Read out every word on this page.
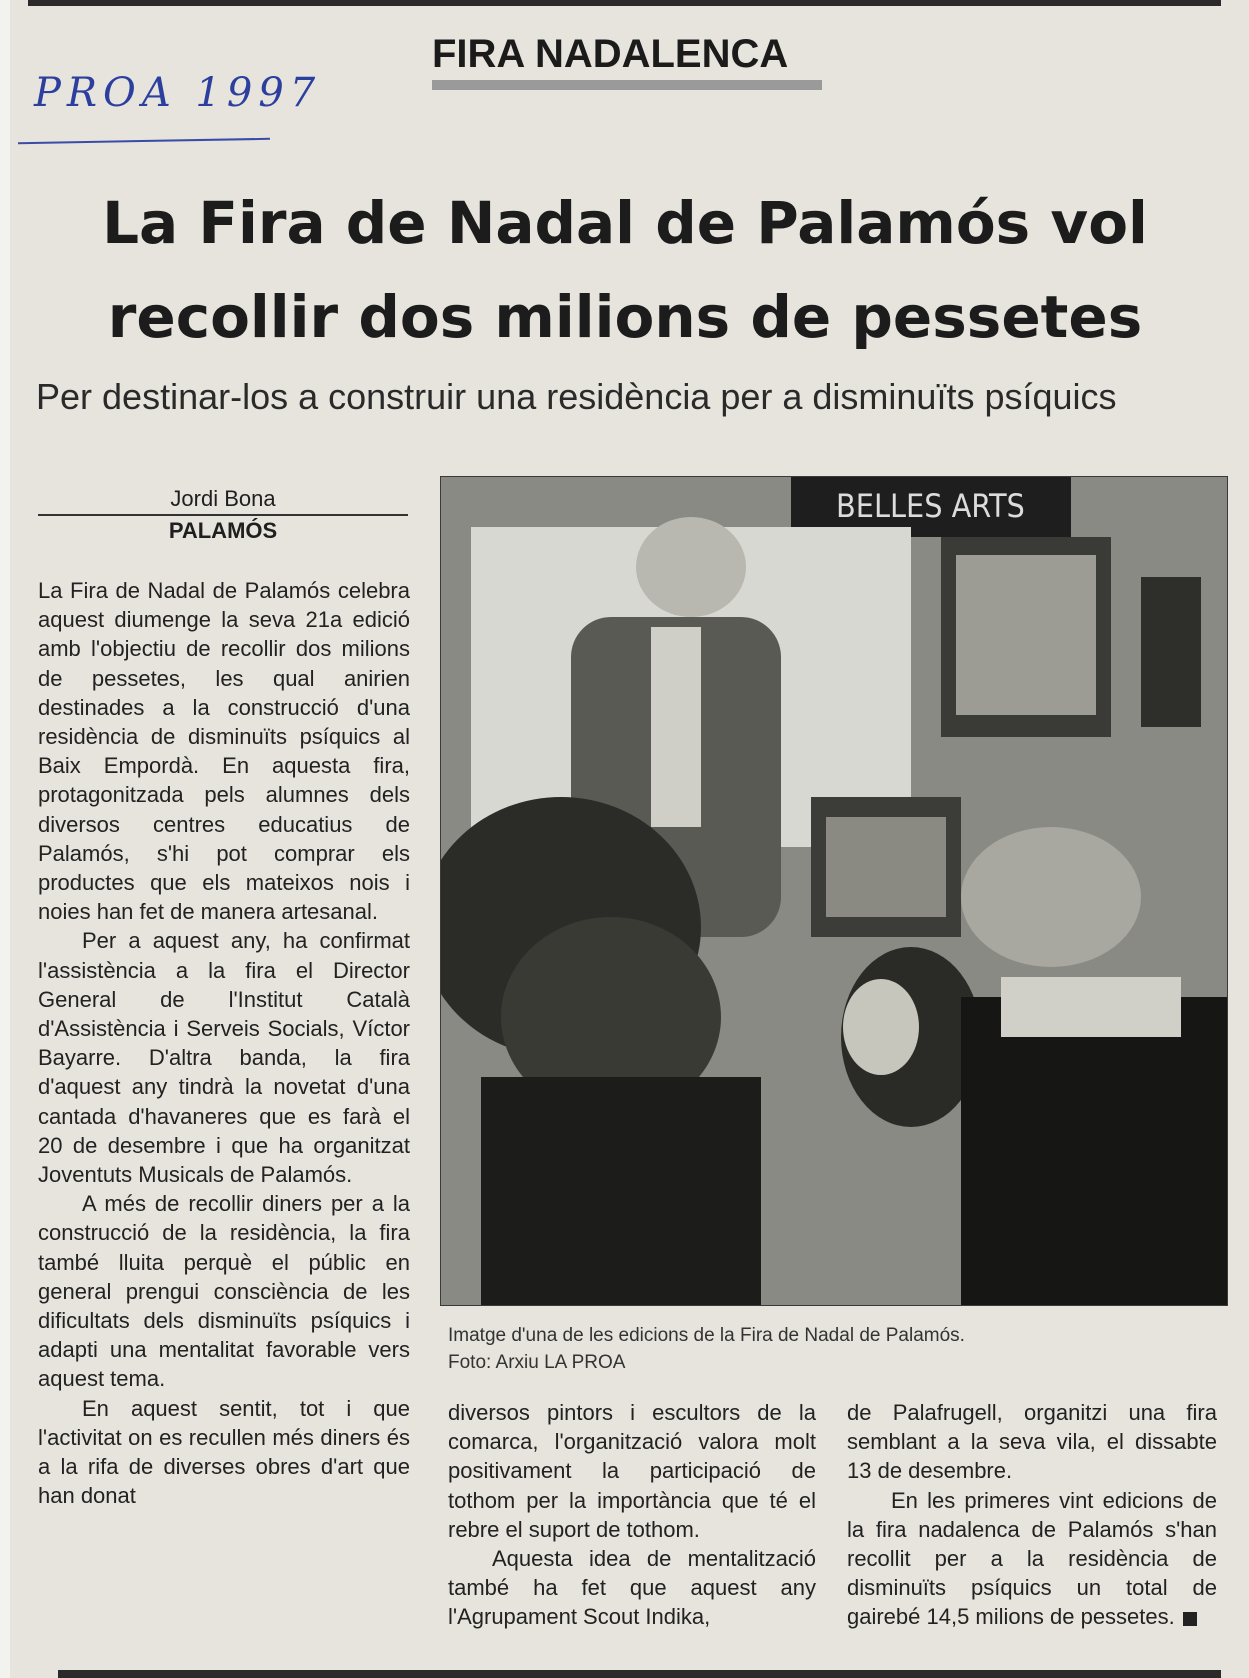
PROA 1997
FIRA NADALENCA
La Fira de Nadal de Palamós vol recollir dos milions de pessetes
Per destinar-los a construir una residència per a disminuïts psíquics
Jordi Bona
PALAMÓS

La Fira de Nadal de Palamós celebra aquest diumenge la seva 21a edició amb l'objectiu de recollir dos milions de pessetes, les qual anirien destinades a la construcció d'una residència de disminuïts psíquics al Baix Empordà. En aquesta fira, protagonitzada pels alumnes dels diversos centres educatius de Palamós, s'hi pot comprar els productes que els mateixos nois i noies han fet de manera artesanal.

Per a aquest any, ha confirmat l'assistència a la fira el Director General de l'Institut Català d'Assistència i Serveis Socials, Víctor Bayarre. D'altra banda, la fira d'aquest any tindrà la novetat d'una cantada d'havaneres que es farà el 20 de desembre i que ha organitzat Joventuts Musicals de Palamós.

A més de recollir diners per a la construcció de la residència, la fira també lluita perquè el públic en general prengui consciència de les dificultats dels disminuïts psíquics i adapti una mentalitat favorable vers aquest tema.

En aquest sentit, tot i que l'activitat on es recullen més diners és a la rifa de diverses obres d'art que han donat

BELLES ARTS
Imatge d'una de les edicions de la Fira de Nadal de Palamós.
Foto: Arxiu LA PROA

diversos pintors i escultors de la comarca, l'organització valora molt positivament la participació de tothom per la importància que té el rebre el suport de tothom.

Aquesta idea de mentalització també ha fet que aquest any l'Agrupament Scout Indika,

de Palafrugell, organitzi una fira semblant a la seva vila, el dissabte 13 de desembre.

En les primeres vint edicions de la fira nadalenca de Palamós s'han recollit per a la residència de disminuïts psíquics un total de gairebé 14,5 milions de pessetes.
